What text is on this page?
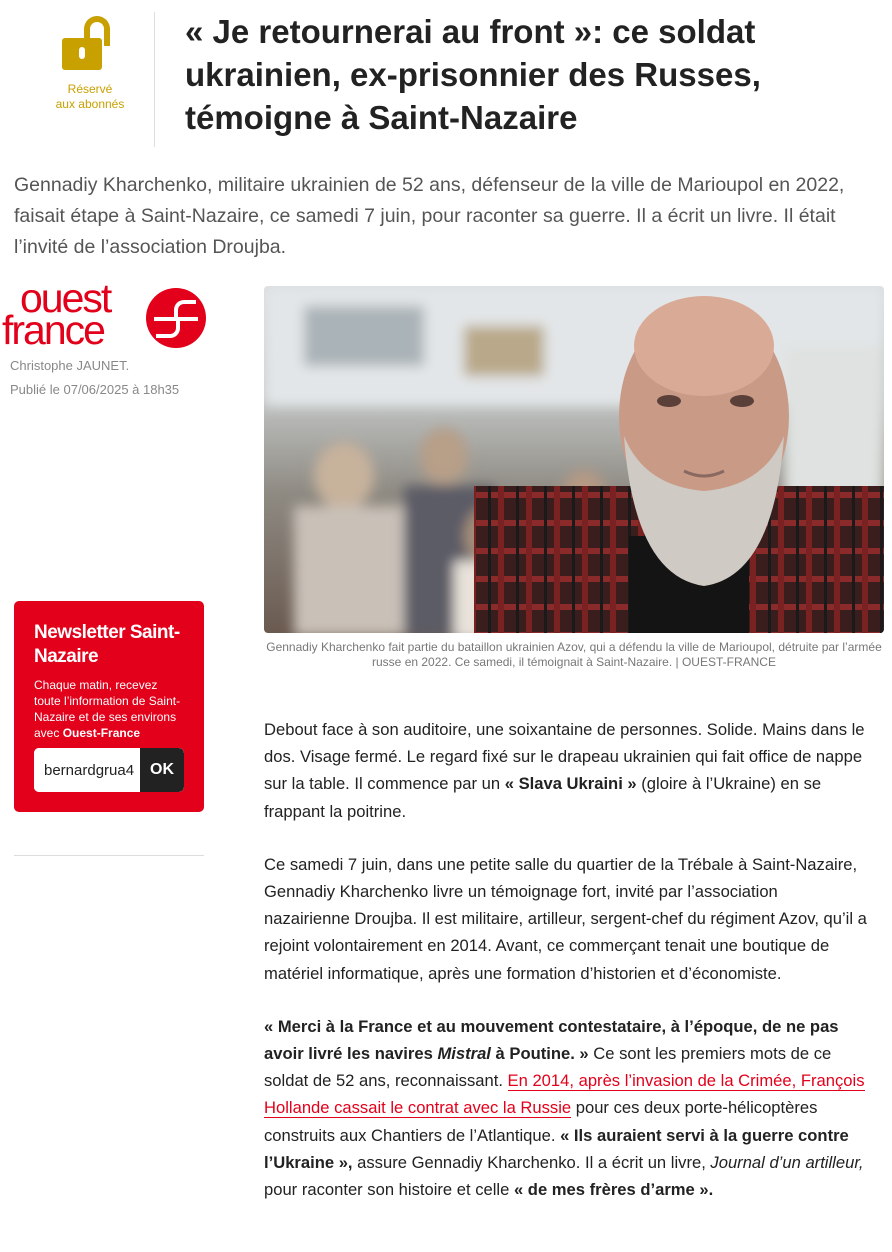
Réservé
aux abonnés
« Je retournerai au front »: ce soldat ukrainien, ex-prisonnier des Russes, témoigne à Saint-Nazaire

Gennadiy Kharchenko, militaire ukrainien de 52 ans, défenseur de la ville de Marioupol en 2022, faisait étape à Saint-Nazaire, ce samedi 7 juin, pour raconter sa guerre. Il a écrit un livre. Il était l’invité de l’association Droujba.

ouest
france
Christophe JAUNET.
Publié le 07/06/2025 à 18h35
Newsletter Saint-Nazaire
Chaque matin, recevez toute l’information de Saint-Nazaire et de ses environs avec Ouest-France
bernardgrua4
OK
Gennadiy Kharchenko fait partie du bataillon ukrainien Azov, qui a défendu la ville de Marioupol, détruite par l’armée russe en 2022. Ce samedi, il témoignait à Saint-Nazaire. | OUEST-FRANCE

Debout face à son auditoire, une soixantaine de personnes. Solide. Mains dans le dos. Visage fermé. Le regard fixé sur le drapeau ukrainien qui fait office de nappe sur la table. Il commence par un « Slava Ukraini » (gloire à l’Ukraine) en se frappant la poitrine.

Ce samedi 7 juin, dans une petite salle du quartier de la Trébale à Saint-Nazaire, Gennadiy Kharchenko livre un témoignage fort, invité par l’association nazairienne Droujba. Il est militaire, artilleur, sergent-chef du régiment Azov, qu’il a rejoint volontairement en 2014. Avant, ce commerçant tenait une boutique de matériel informatique, après une formation d’historien et d’économiste.

« Merci à la France et au mouvement contestataire, à l’époque, de ne pas avoir livré les navires Mistral à Poutine. » Ce sont les premiers mots de ce soldat de 52 ans, reconnaissant. En 2014, après l’invasion de la Crimée, François Hollande cassait le contrat avec la Russie pour ces deux porte-hélicoptères construits aux Chantiers de l’Atlantique. « Ils auraient servi à la guerre contre l’Ukraine », assure Gennadiy Kharchenko. Il a écrit un livre, Journal d’un artilleur, pour raconter son histoire et celle « de mes frères d’arme ».
